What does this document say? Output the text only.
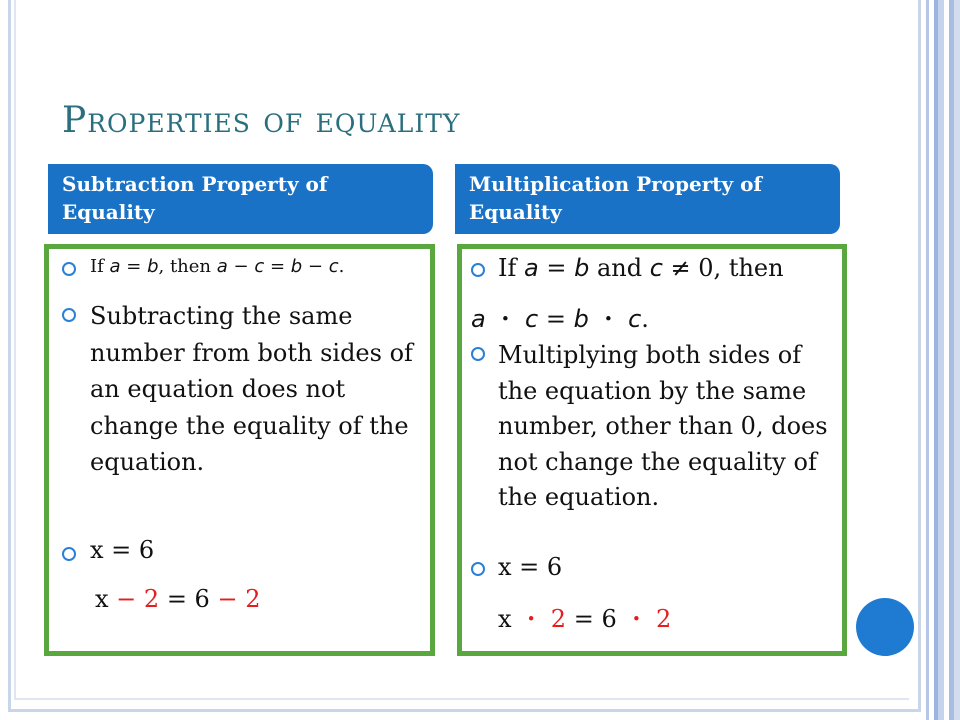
Properties of equality
Subtraction Property of Equality
If a = b, then a − c = b − c.
Subtracting the same number from both sides of an equation does not change the equality of the equation.
x = 6
x − 2 = 6 − 2
Multiplication Property of Equality
If a = b and c ≠ 0, then
a ・ c = b ・ c.
Multiplying both sides of the equation by the same number, other than 0, does not change the equality of the equation.
x = 6
x ・ 2 = 6 ・ 2
